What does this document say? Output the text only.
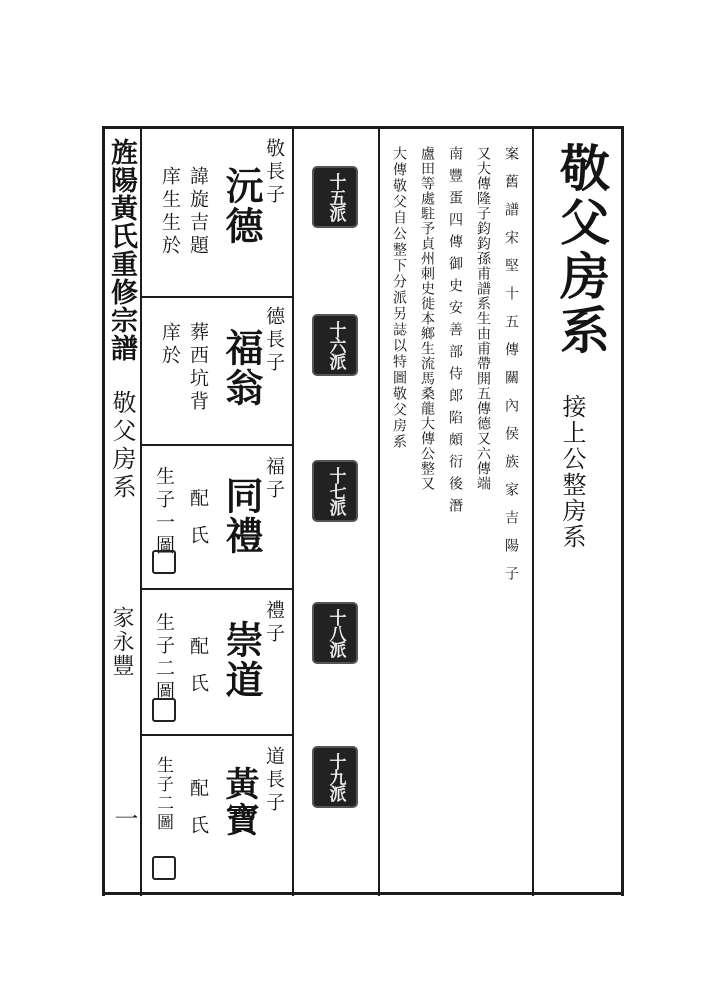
旌陽黃氏重修宗譜
敬父房系
家永豐
一
敬長子
沅德
諱旋吉題
庠生生於
德長子
福翁
葬西坑背
庠於
福子
同禮
配氏
生子一圖
禮子
崇道
配氏
生子二圖
道長子
黃寶
配氏
生子二圖
十五派
十六派
十七派
十八派
十九派
大傳敬父自公整下分派另誌以特圖敬父房系 盧田等處駐予貞州刺史徙本鄉生流馬桑龍大傳公整又 南豐蛋四傳御史安善部侍郎陷頗衍後潛 又大傳隆子鈞鈞孫甫譜系生由甫帶開五傳德又六傳端 案舊譜宋堅十五傳關內侯族家吉陽子 敬父房系
接上公整房系
